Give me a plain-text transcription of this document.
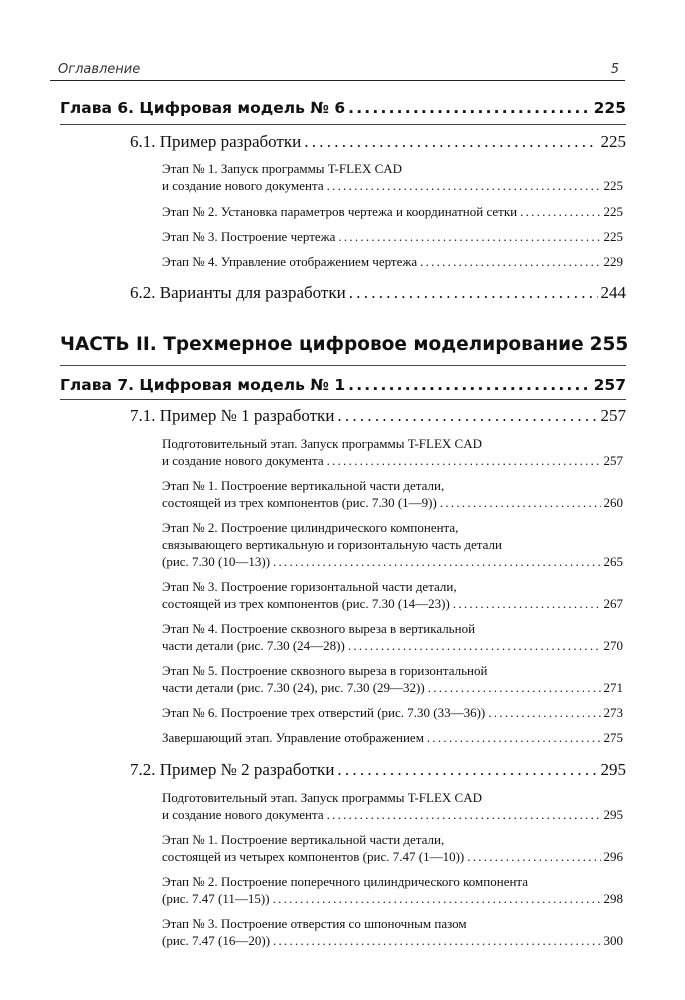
Оглавление	5
Глава 6. Цифровая модель № 6 . . .	225
6.1. Пример разработки . . .	225
Этап № 1. Запуск программы T-FLEX CAD
и создание нового документа . . .	225
Этап № 2. Установка параметров чертежа и координатной сетки . . .	225
Этап № 3. Построение чертежа . . .	225
Этап № 4. Управление отображением чертежа . . .	229
6.2. Варианты для разработки . . .	244
ЧАСТЬ II. Трехмерное цифровое моделирование 255
Глава 7. Цифровая модель № 1 . . .	257
7.1. Пример № 1 разработки . . .	257
Подготовительный этап. Запуск программы T-FLEX CAD
и создание нового документа . . .	257
Этап № 1. Построение вертикальной части детали,
состоящей из трех компонентов (рис. 7.30 (1—9)) . . .	260
Этап № 2. Построение цилиндрического компонента,
связывающего вертикальную и горизонтальную часть детали
(рис. 7.30 (10—13)) . . .	265
Этап № 3. Построение горизонтальной части детали,
состоящей из трех компонентов (рис. 7.30 (14—23)) . . .	267
Этап № 4. Построение сквозного выреза в вертикальной
части детали (рис. 7.30 (24—28)) . . .	270
Этап № 5. Построение сквозного выреза в горизонтальной
части детали (рис. 7.30 (24), рис. 7.30 (29—32)) . . .	271
Этап № 6. Построение трех отверстий (рис. 7.30 (33—36)) . . .	273
Завершающий этап. Управление отображением . . .	275
7.2. Пример № 2 разработки . . .	295
Подготовительный этап. Запуск программы T-FLEX CAD
и создание нового документа . . .	295
Этап № 1. Построение вертикальной части детали,
состоящей из четырех компонентов (рис. 7.47 (1—10)) . . .	296
Этап № 2. Построение поперечного цилиндрического компонента
(рис. 7.47 (11—15)) . . .	298
Этап № 3. Построение отверстия со шпоночным пазом
(рис. 7.47 (16—20)) . . .	300
